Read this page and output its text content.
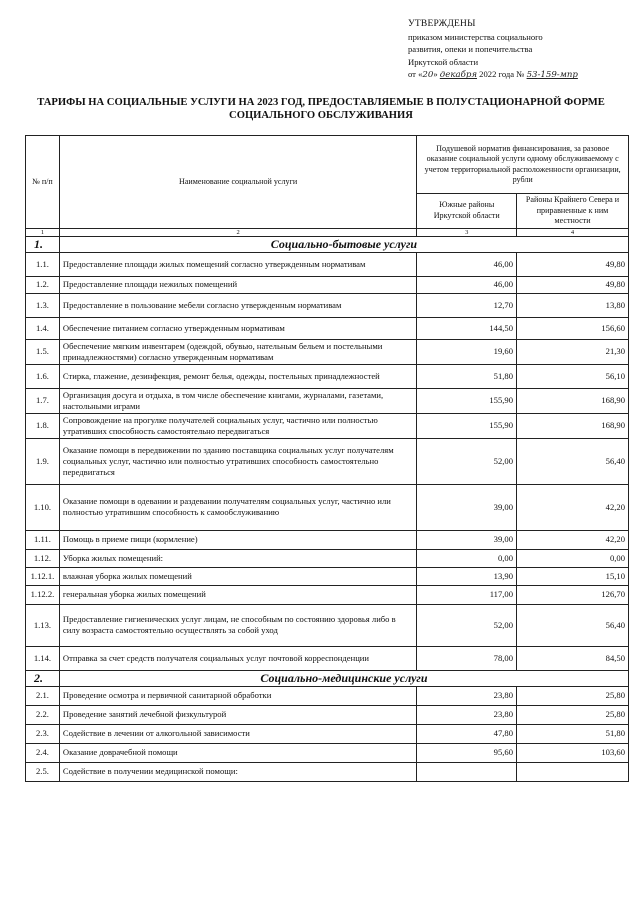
УТВЕРЖДЕНЫ
приказом министерства социального
развития, опеки и попечительства
Иркутской области
от «20» декабря 2022 года № 53-159-мпр
ТАРИФЫ НА СОЦИАЛЬНЫЕ УСЛУГИ НА 2023 ГОД, ПРЕДОСТАВЛЯЕМЫЕ В ПОЛУСТАЦИОНАРНОЙ ФОРМЕ СОЦИАЛЬНОГО ОБСЛУЖИВАНИЯ
№ п/п	Наименование социальной услуги	Подушевой норматив финансирования, за разовое оказание социальной услуги одному обслуживаемому с учетом территориальной расположенности организации, рубли	
		Южные районы Иркутской области	Районы Крайнего Севера и приравненные к ним местности
1	2	3	4
1.	Социально-бытовые услуги		
1.1.	Предоставление площади жилых помещений согласно утвержденным нормативам	46,00	49,80
1.2.	Предоставление площади нежилых помещений	46,00	49,80
1.3.	Предоставление в пользование мебели согласно утвержденным нормативам	12,70	13,80
1.4.	Обеспечение питанием согласно утвержденным нормативам	144,50	156,60
1.5.	Обеспечение мягким инвентарем (одеждой, обувью, нательным бельем и постельными принадлежностями) согласно утвержденным нормативам	19,60	21,30
1.6.	Стирка, глажение, дезинфекция, ремонт белья, одежды, постельных принадлежностей	51,80	56,10
1.7.	Организация досуга и отдыха, в том числе обеспечение книгами, журналами, газетами, настольными играми	155,90	168,90
1.8.	Сопровождение на прогулке получателей социальных услуг, частично или полностью утративших способность самостоятельно передвигаться	155,90	168,90
1.9.	Оказание помощи в передвижении по зданию поставщика социальных услуг получателям социальных услуг, частично или полностью утративших способность самостоятельно передвигаться	52,00	56,40
1.10.	Оказание помощи в одевании и раздевании получателям социальных услуг, частично или полностью утратившим способность к самообслуживанию	39,00	42,20
1.11.	Помощь в приеме пищи (кормление)	39,00	42,20
1.12.	Уборка жилых помещений:	0,00	0,00
1.12.1.	влажная уборка жилых помещений	13,90	15,10
1.12.2.	генеральная уборка жилых помещений	117,00	126,70
1.13.	Предоставление гигиенических услуг лицам, не способным по состоянию здоровья либо в силу возраста самостоятельно осуществлять за собой уход	52,00	56,40
1.14.	Отправка за счет средств получателя социальных услуг почтовой корреспонденции	78,00	84,50
2.	Социально-медицинские услуги		
2.1.	Проведение осмотра и первичной санитарной обработки	23,80	25,80
2.2.	Проведение занятий лечебной физкультурой	23,80	25,80
2.3.	Содействие в лечении от алкогольной зависимости	47,80	51,80
2.4.	Оказание доврачебной помощи	95,60	103,60
2.5.	Содействие в получении медицинской помощи:		
